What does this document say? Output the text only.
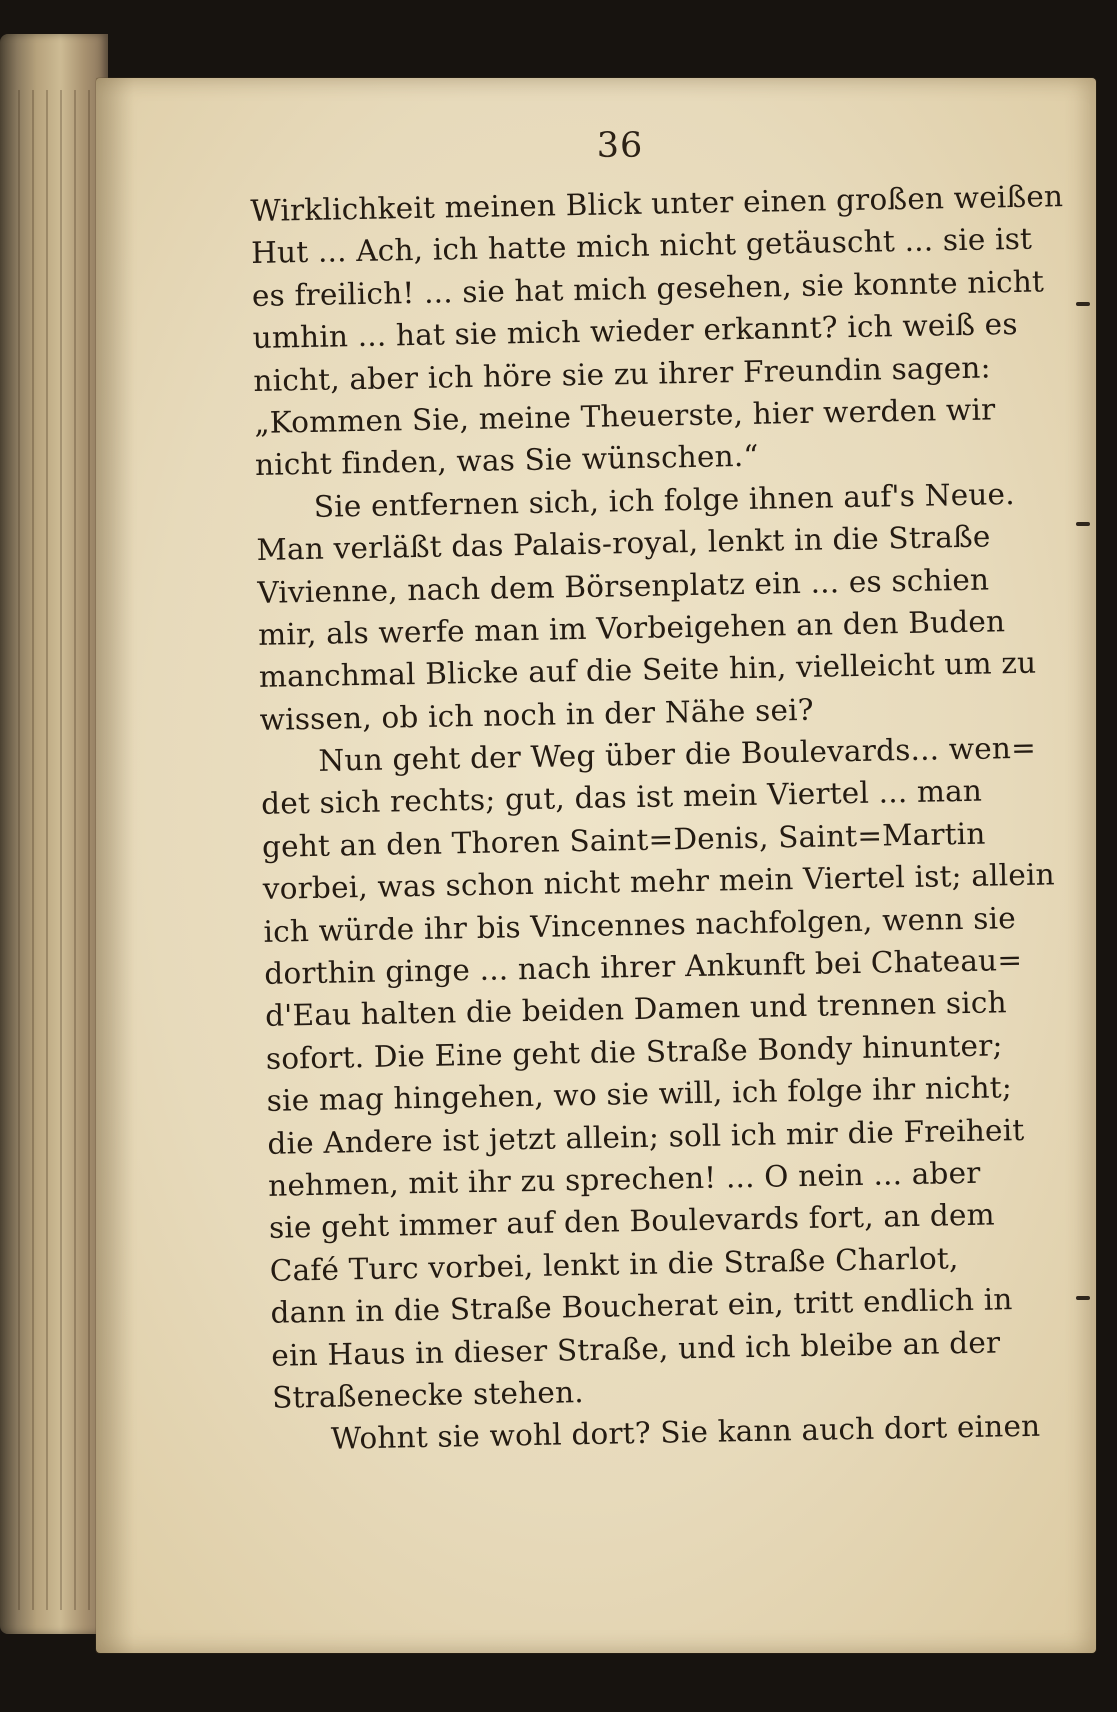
36
Wirklichkeit meinen Blick unter einen großen weißen
Hut ... Ach, ich hatte mich nicht getäuscht ... sie ist
es freilich! ... sie hat mich gesehen, sie konnte nicht
umhin ... hat sie mich wieder erkannt? ich weiß es
nicht, aber ich höre sie zu ihrer Freundin sagen:
„Kommen Sie, meine Theuerste, hier werden wir
nicht finden, was Sie wünschen.“
Sie entfernen sich, ich folge ihnen auf's Neue.
Man verläßt das Palais-royal, lenkt in die Straße
Vivienne, nach dem Börsenplatz ein ... es schien
mir, als werfe man im Vorbeigehen an den Buden
manchmal Blicke auf die Seite hin, vielleicht um zu
wissen, ob ich noch in der Nähe sei?
Nun geht der Weg über die Boulevards... wen=
det sich rechts; gut, das ist mein Viertel ... man
geht an den Thoren Saint=Denis, Saint=Martin
vorbei, was schon nicht mehr mein Viertel ist; allein
ich würde ihr bis Vincennes nachfolgen, wenn sie
dorthin ginge ... nach ihrer Ankunft bei Chateau=
d'Eau halten die beiden Damen und trennen sich
sofort. Die Eine geht die Straße Bondy hinunter;
sie mag hingehen, wo sie will, ich folge ihr nicht;
die Andere ist jetzt allein; soll ich mir die Freiheit
nehmen, mit ihr zu sprechen! ... O nein ... aber
sie geht immer auf den Boulevards fort, an dem
Café Turc vorbei, lenkt in die Straße Charlot,
dann in die Straße Boucherat ein, tritt endlich in
ein Haus in dieser Straße, und ich bleibe an der
Straßenecke stehen.
Wohnt sie wohl dort? Sie kann auch dort einen
